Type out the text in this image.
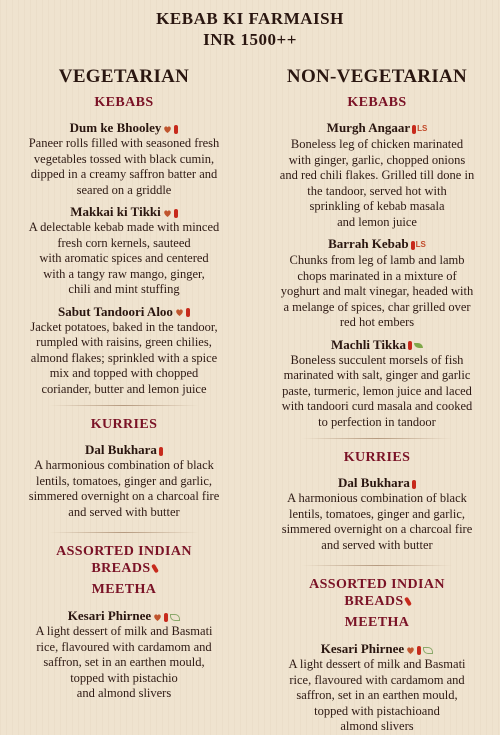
KEBAB KI FARMAISH
INR 1500++
VEGETARIAN
KEBABS
Dum ke Bhooley
Paneer rolls filled with seasoned fresh
vegetables tossed with black cumin,
dipped in a creamy saffron batter and
seared on a griddle
Makkai ki Tikki
A delectable kebab made with minced
fresh corn kernels, sauteed
with aromatic spices and centered
with a tangy raw mango, ginger,
chili and mint stuffing
Sabut Tandoori Aloo
Jacket potatoes, baked in the tandoor,
rumpled with raisins, green chilies,
almond flakes; sprinkled with a spice
mix and topped with chopped
coriander, butter and lemon juice
KURRIES
Dal Bukhara
A harmonious combination of black
lentils, tomatoes, ginger and garlic,
simmered overnight on a charcoal fire
and served with butter
ASSORTED INDIAN
BREADS
MEETHA
Kesari Phirnee
A light dessert of milk and Basmati
rice, flavoured with cardamom and
saffron, set in an earthen mould,
topped with pistachio
and almond slivers
NON-VEGETARIAN
KEBABS
Murgh Angaar LS
Boneless leg of chicken marinated
with ginger, garlic, chopped onions
and red chili flakes. Grilled till done in
the tandoor, served hot with
sprinkling of kebab masala
and lemon juice
Barrah Kebab LS
Chunks from leg of lamb and lamb
chops marinated in a mixture of
yoghurt and malt vinegar, headed with
a melange of spices, char grilled over
red hot embers
Machli Tikka
Boneless succulent morsels of fish
marinated with salt, ginger and garlic
paste, turmeric, lemon juice and laced
with tandoori curd masala and cooked
to perfection in tandoor
KURRIES
Dal Bukhara
A harmonious combination of black
lentils, tomatoes, ginger and garlic,
simmered overnight on a charcoal fire
and served with butter
ASSORTED INDIAN
BREADS
MEETHA
Kesari Phirnee
A light dessert of milk and Basmati
rice, flavoured with cardamom and
saffron, set in an earthen mould,
topped with pistachioand
almond slivers
